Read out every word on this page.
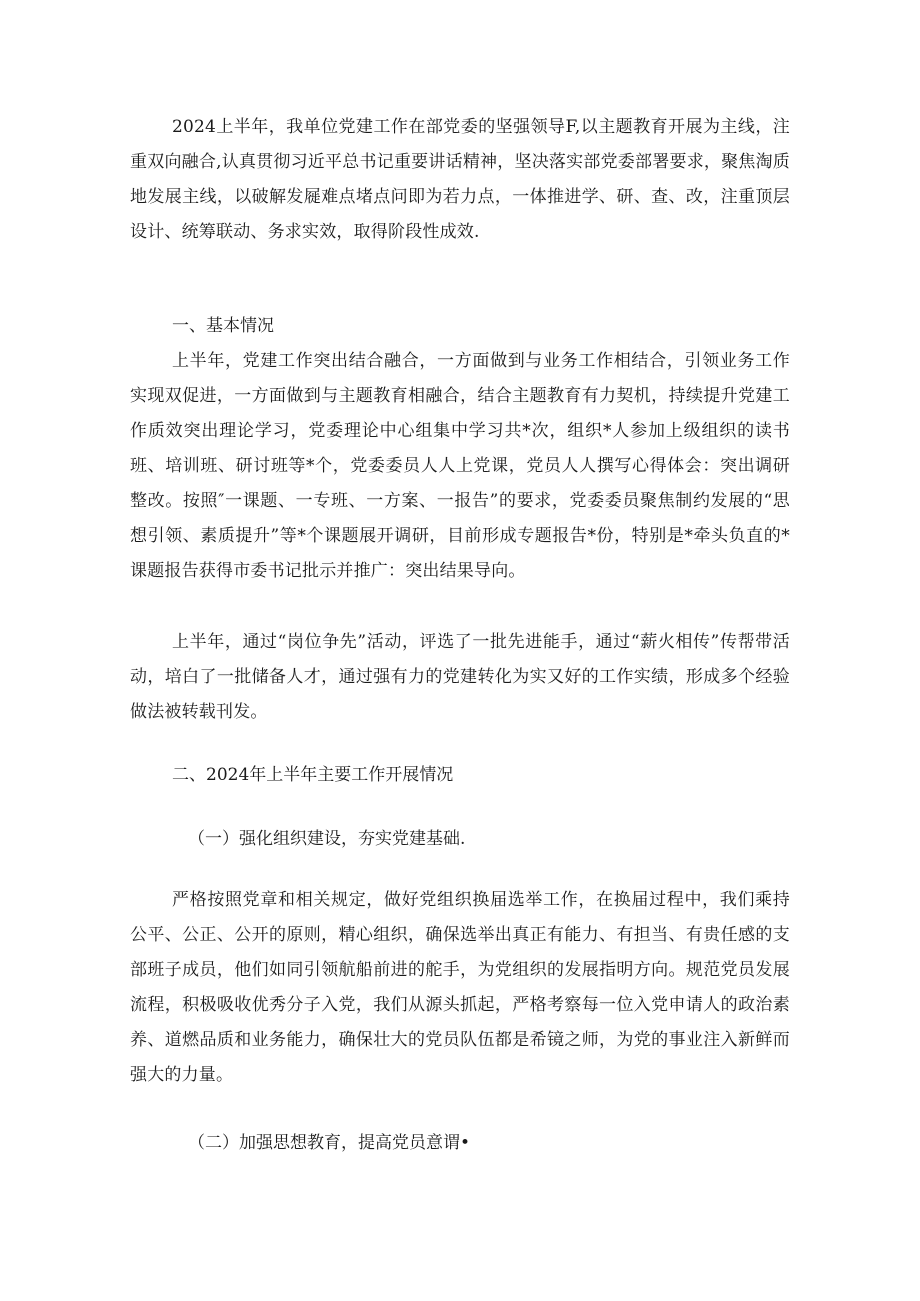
2024上半年，我单位党建工作在部党委的坚强领导F,以主题教育开展为主线，注重双向融合,认真贯彻习近平总书记重要讲话精神，坚决落实部党委部署要求，聚焦淘质地发展主线，以破解发屣难点堵点问即为若力点，一体推进学、研、查、改，注重顶层设计、统筹联动、务求实效，取得阶段性成效.

一、基本情况

上半年，党建工作突出结合融合，一方面做到与业务工作相结合，引领业务工作实现双促进，一方面做到与主题教育相融合，结合主题教育有力契机，持续提升党建工作质效突出理论学习，党委理论中心组集中学习共*次，组织*人参加上级组织的读书班、培训班、研讨班等*个，党委委员人人上党课，党员人人撰写心得体会：突出调研整改。按照″一课题、一专班、一方案、一报告”的要求，党委委员聚焦制约发展的“思想引领、素质提升”等*个课题展开调研，目前形成专题报告*份，特别是*牵头负直的*课题报告获得市委书记批示并推广：突出结果导向。

上半年，通过“岗位争先”活动，评选了一批先进能手，通过“薪火相传”传帮带活动，培白了一批储备人才，通过强有力的党建转化为实又好的工作实绩，形成多个经验做法被转载刊发。

二、2024年上半年主要工作开展情况

（一）强化组织建设，夯实党建基础.

严格按照党章和相关规定，做好党组织换届选举工作，在换届过程中，我们乘持公平、公正、公开的原则，精心组织，确保选举出真正有能力、有担当、有贵任感的支部班子成员，他们如同引领航船前进的舵手，为党组织的发展指明方向。规范党员发展流程，积极吸收优秀分子入党，我们从源头抓起，严格考察每一位入党申请人的政治素养、道燃品质和业务能力，确保壮大的党员队伍都是希镜之师，为党的事业注入新鲜而强大的力量。

（二）加强思想教育，提高党员意谓•
